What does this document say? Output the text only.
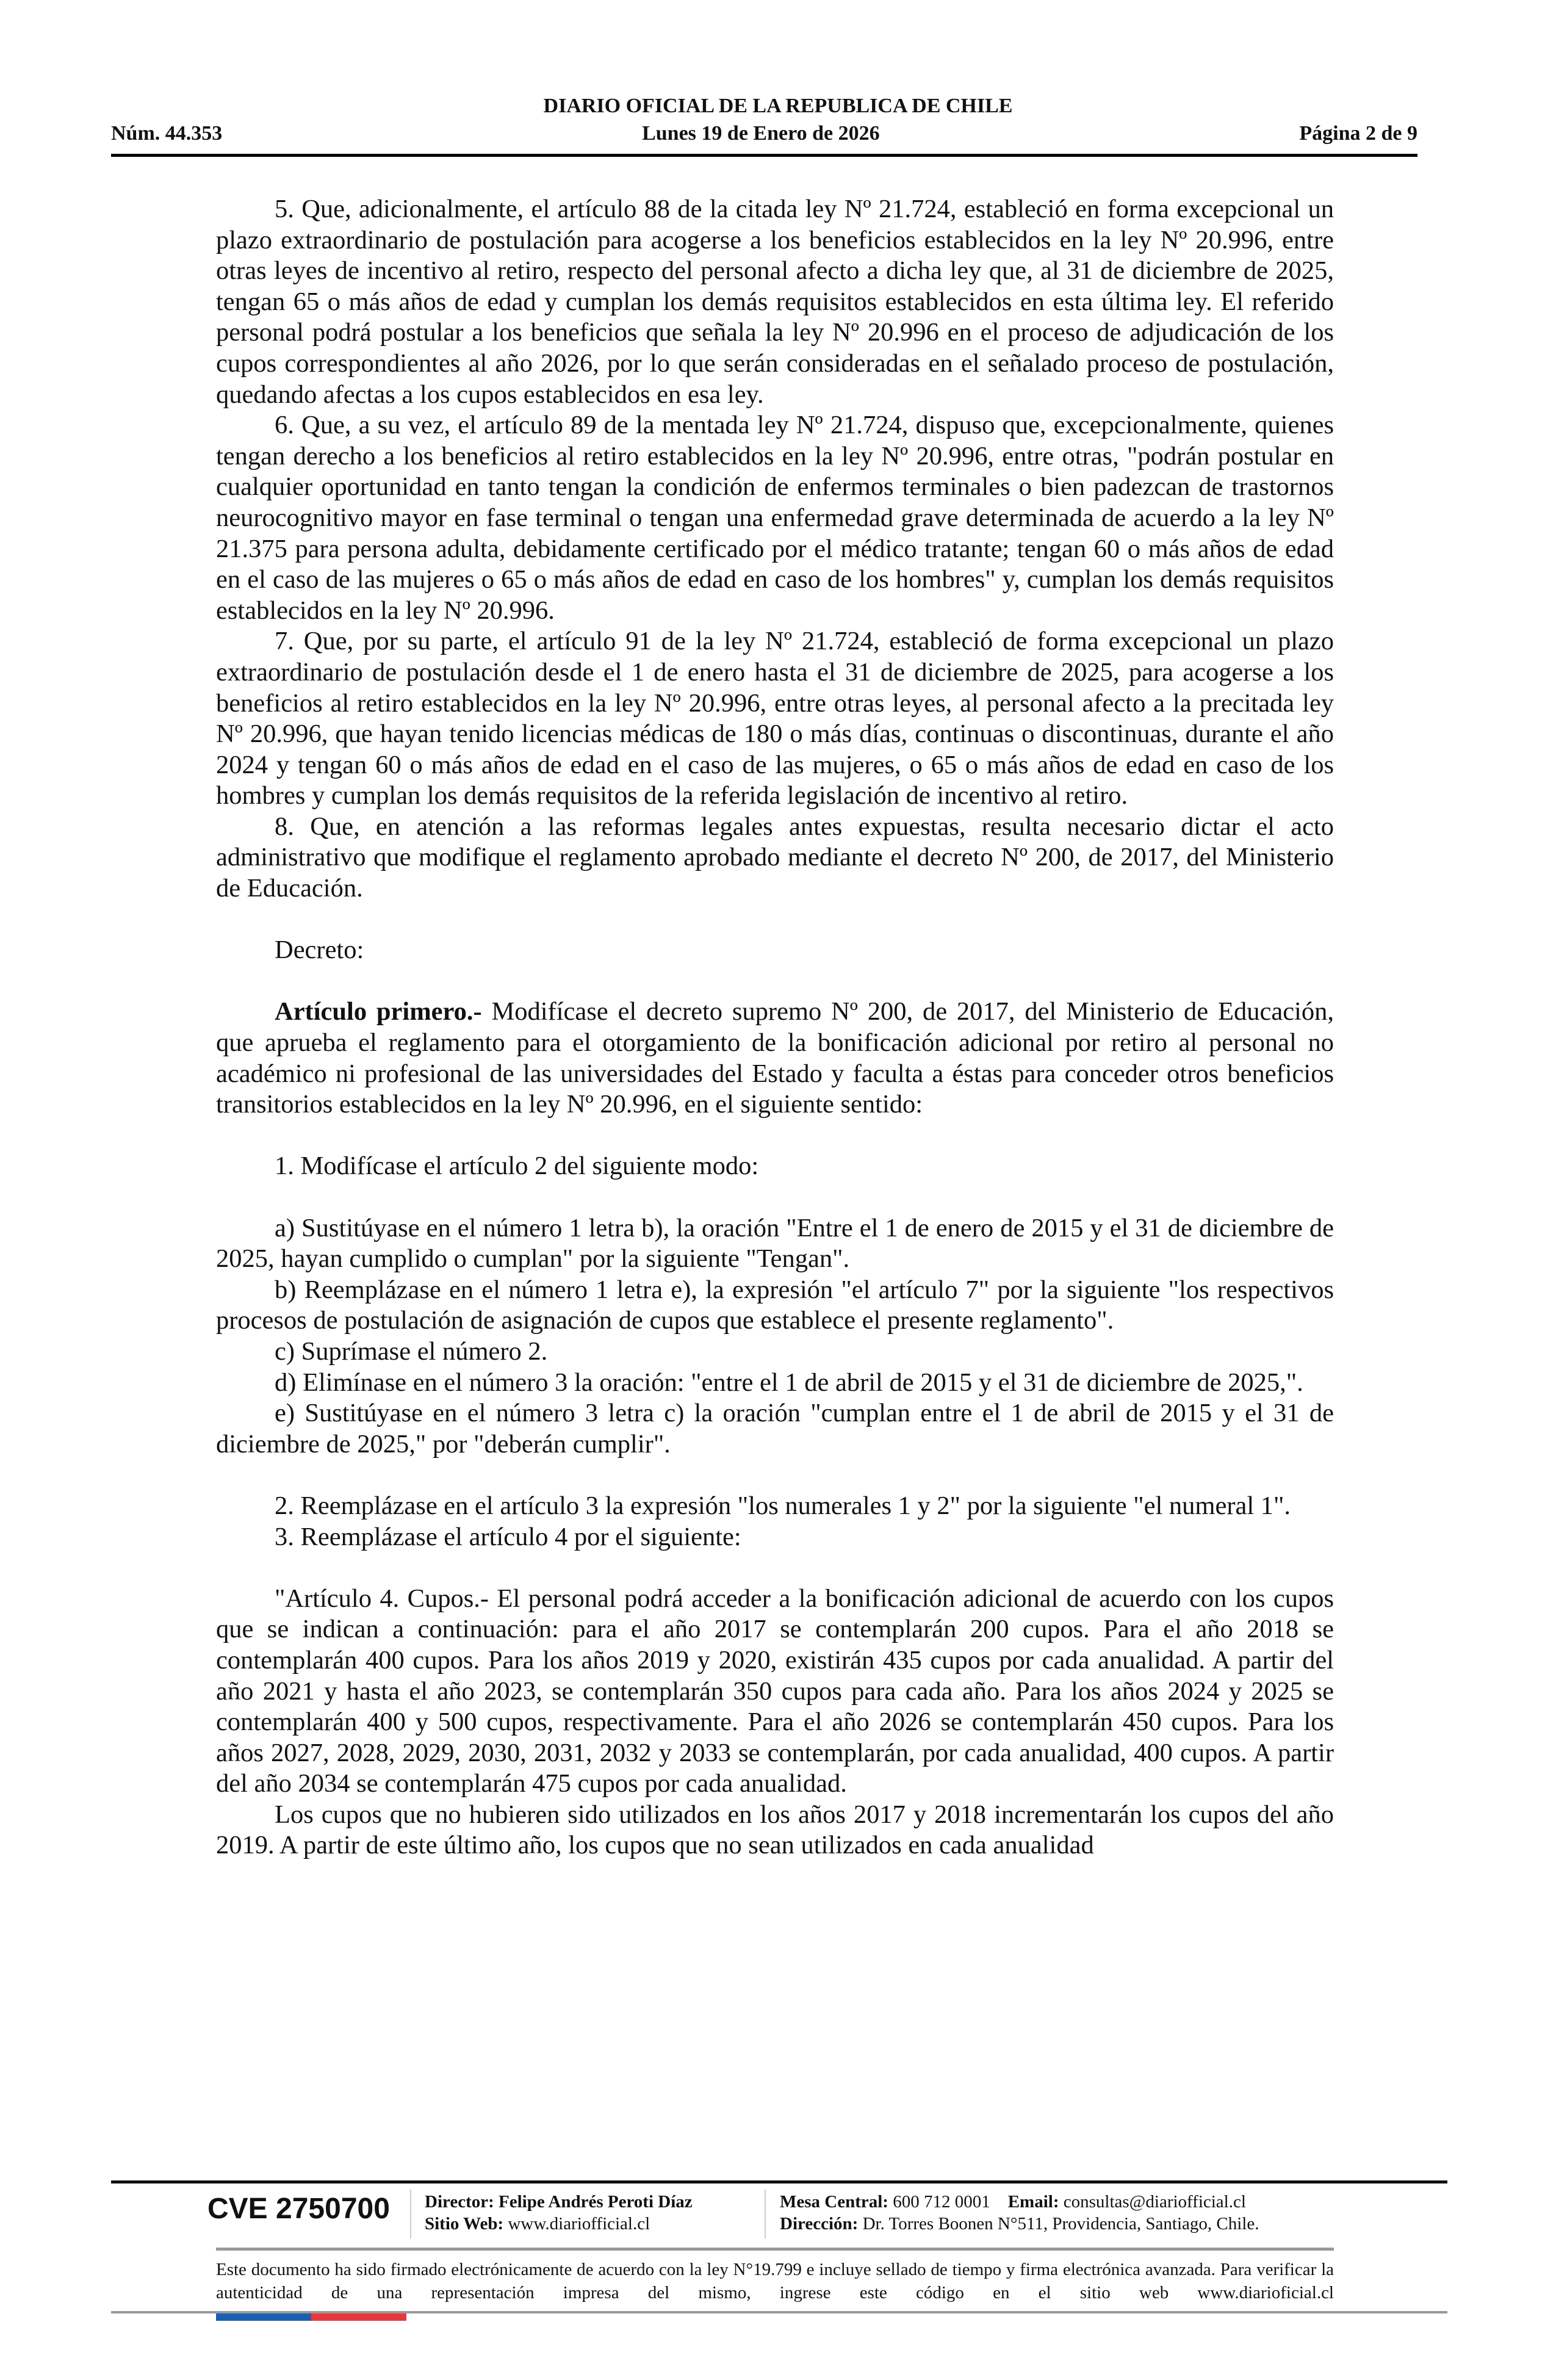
DIARIO OFICIAL DE LA REPUBLICA DE CHILE
Núm. 44.353	Lunes 19 de Enero de 2026	Página 2 de 9

5. Que, adicionalmente, el artículo 88 de la citada ley Nº 21.724, estableció en forma excepcional un plazo extraordinario de postulación para acogerse a los beneficios establecidos en la ley Nº 20.996, entre otras leyes de incentivo al retiro, respecto del personal afecto a dicha ley que, al 31 de diciembre de 2025, tengan 65 o más años de edad y cumplan los demás requisitos establecidos en esta última ley. El referido personal podrá postular a los beneficios que señala la ley Nº 20.996 en el proceso de adjudicación de los cupos correspondientes al año 2026, por lo que serán consideradas en el señalado proceso de postulación, quedando afectas a los cupos establecidos en esa ley.

6. Que, a su vez, el artículo 89 de la mentada ley Nº 21.724, dispuso que, excepcionalmente, quienes tengan derecho a los beneficios al retiro establecidos en la ley Nº 20.996, entre otras, "podrán postular en cualquier oportunidad en tanto tengan la condición de enfermos terminales o bien padezcan de trastornos neurocognitivo mayor en fase terminal o tengan una enfermedad grave determinada de acuerdo a la ley Nº 21.375 para persona adulta, debidamente certificado por el médico tratante; tengan 60 o más años de edad en el caso de las mujeres o 65 o más años de edad en caso de los hombres" y, cumplan los demás requisitos establecidos en la ley Nº 20.996.

7. Que, por su parte, el artículo 91 de la ley Nº 21.724, estableció de forma excepcional un plazo extraordinario de postulación desde el 1 de enero hasta el 31 de diciembre de 2025, para acogerse a los beneficios al retiro establecidos en la ley Nº 20.996, entre otras leyes, al personal afecto a la precitada ley Nº 20.996, que hayan tenido licencias médicas de 180 o más días, continuas o discontinuas, durante el año 2024 y tengan 60 o más años de edad en el caso de las mujeres, o 65 o más años de edad en caso de los hombres y cumplan los demás requisitos de la referida legislación de incentivo al retiro.

8. Que, en atención a las reformas legales antes expuestas, resulta necesario dictar el acto administrativo que modifique el reglamento aprobado mediante el decreto Nº 200, de 2017, del Ministerio de Educación.

Decreto:

Artículo primero.- Modifícase el decreto supremo Nº 200, de 2017, del Ministerio de Educación, que aprueba el reglamento para el otorgamiento de la bonificación adicional por retiro al personal no académico ni profesional de las universidades del Estado y faculta a éstas para conceder otros beneficios transitorios establecidos en la ley Nº 20.996, en el siguiente sentido:

1. Modifícase el artículo 2 del siguiente modo:

a) Sustitúyase en el número 1 letra b), la oración "Entre el 1 de enero de 2015 y el 31 de diciembre de 2025, hayan cumplido o cumplan" por la siguiente "Tengan".

b) Reemplázase en el número 1 letra e), la expresión "el artículo 7" por la siguiente "los respectivos procesos de postulación de asignación de cupos que establece el presente reglamento".

c) Suprímase el número 2.

d) Elimínase en el número 3 la oración: "entre el 1 de abril de 2015 y el 31 de diciembre de 2025,".

e) Sustitúyase en el número 3 letra c) la oración "cumplan entre el 1 de abril de 2015 y el 31 de diciembre de 2025," por "deberán cumplir".

2. Reemplázase en el artículo 3 la expresión "los numerales 1 y 2" por la siguiente "el numeral 1".

3. Reemplázase el artículo 4 por el siguiente:

"Artículo 4. Cupos.- El personal podrá acceder a la bonificación adicional de acuerdo con los cupos que se indican a continuación: para el año 2017 se contemplarán 200 cupos. Para el año 2018 se contemplarán 400 cupos. Para los años 2019 y 2020, existirán 435 cupos por cada anualidad. A partir del año 2021 y hasta el año 2023, se contemplarán 350 cupos para cada año. Para los años 2024 y 2025 se contemplarán 400 y 500 cupos, respectivamente. Para el año 2026 se contemplarán 450 cupos. Para los años 2027, 2028, 2029, 2030, 2031, 2032 y 2033 se contemplarán, por cada anualidad, 400 cupos. A partir del año 2034 se contemplarán 475 cupos por cada anualidad.

Los cupos que no hubieren sido utilizados en los años 2017 y 2018 incrementarán los cupos del año 2019. A partir de este último año, los cupos que no sean utilizados en cada anualidad

CVE 2750700 Director: Felipe Andrés Peroti Díaz
Sitio Web: www.diariofficial.cl
Mesa Central: 600 712 0001 Email: consultas@diariofficial.cl
Dirección: Dr. Torres Boonen N°511, Providencia, Santiago, Chile.
Este documento ha sido firmado electrónicamente de acuerdo con la ley N°19.799 e incluye sellado de tiempo y firma electrónica avanzada. Para verificar la autenticidad de una representación impresa del mismo, ingrese este código en el sitio web www.diarioficial.cl
